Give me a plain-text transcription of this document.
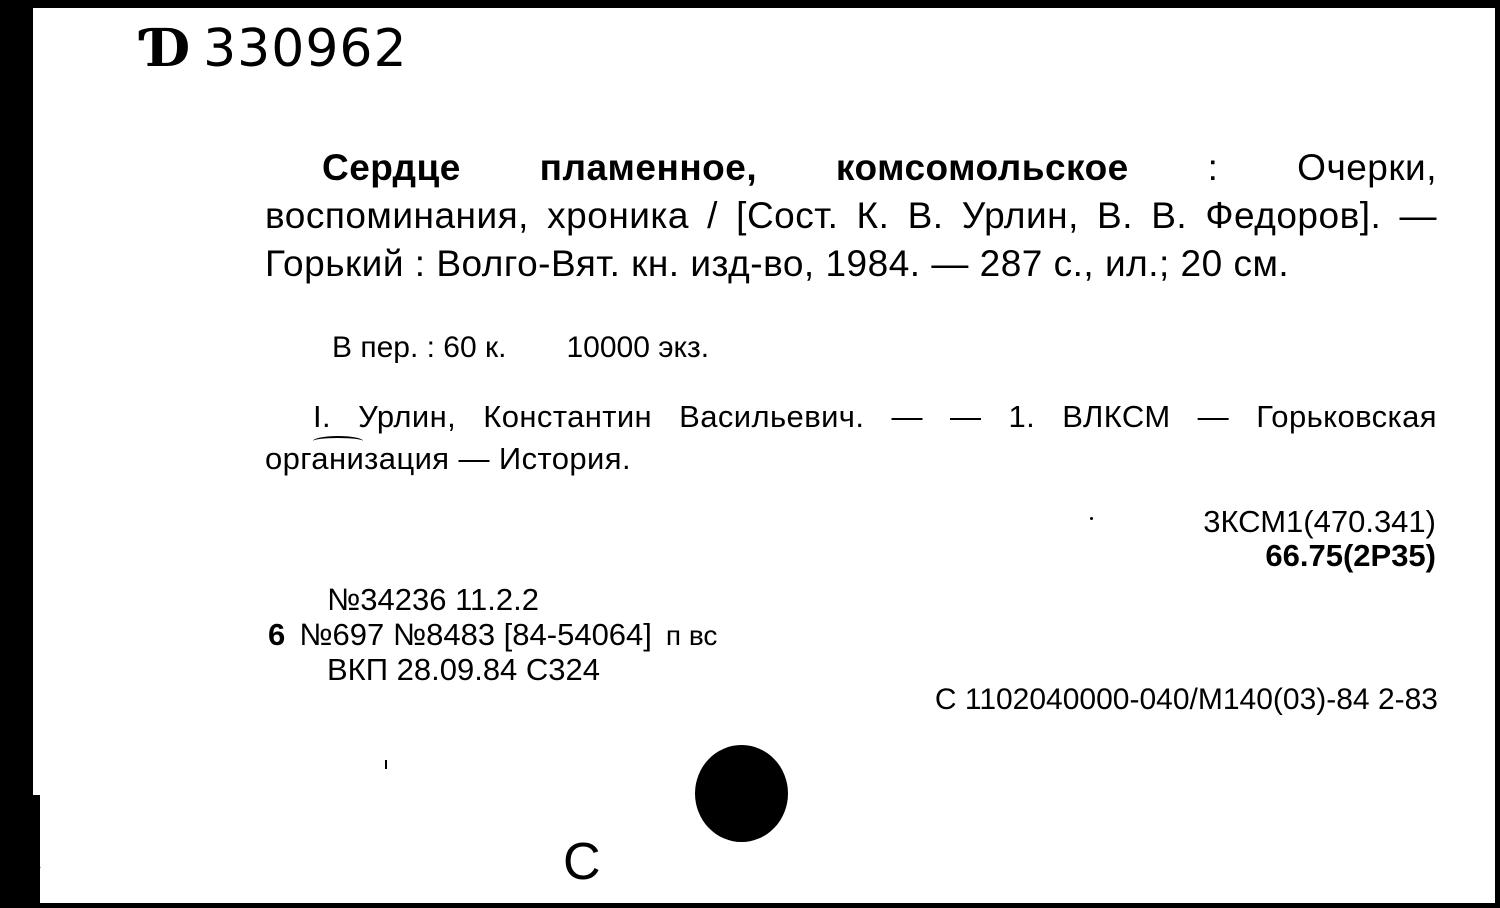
Ɗ 330962
Сердце пламенное, комсомольское : Очерки, воспоминания, хроника / [Сост. К. В. Урлин, В. В. Федоров]. — Горький : Волго-Вят. кн. изд-во, 1984. — 287 с., ил.; 20 см.
В пер. : 60 к. 10000 экз.
I. Урлин, Константин Васильевич. — — 1. ВЛКСМ — Горьковская организация — История.
3КСМ1(470.341)
66.75(2Р35)
№34236 11.2.2
6 №697 №8483 [84-54064] п вс
ВКП 28.09.84 С324
С 1102040000-040/М140(03)-84 2-83
С
ℳ
